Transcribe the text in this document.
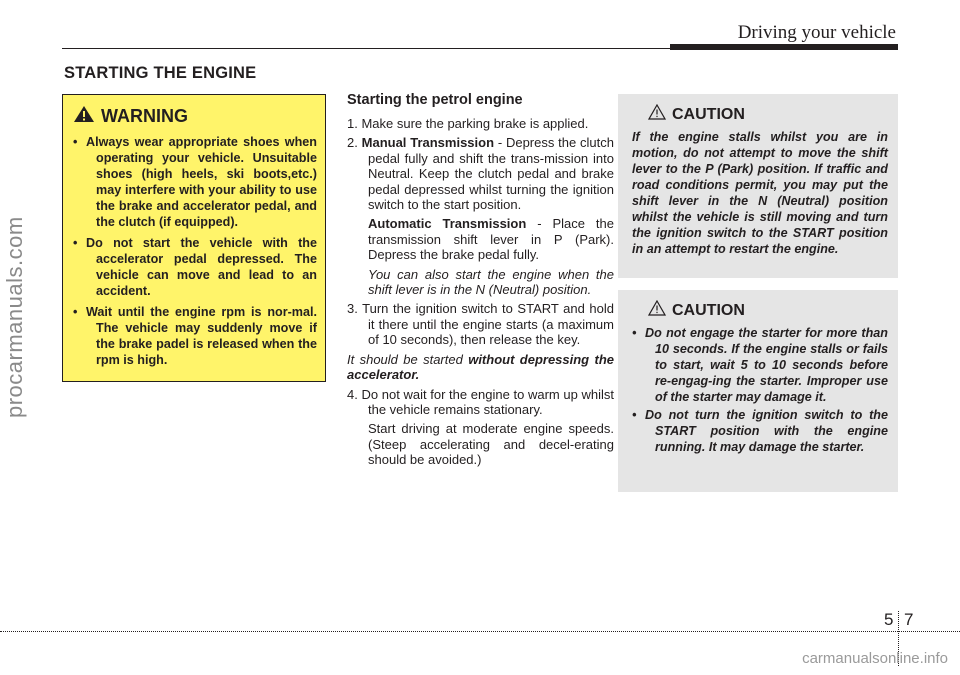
Driving your vehicle
STARTING THE ENGINE
procarmanuals.com
WARNING
• Always wear appropriate shoes when operating your vehicle. Unsuitable shoes (high heels, ski boots,etc.) may interfere with your ability to use the brake and accelerator pedal, and the clutch (if equipped).
• Do not start the vehicle with the accelerator pedal depressed. The vehicle can move and lead to an accident.
• Wait until the engine rpm is nor-mal. The vehicle may suddenly move if the brake padel is released when the rpm is high.
Starting the petrol engine

1. Make sure the parking brake is applied.

2. Manual Transmission - Depress the clutch pedal fully and shift the trans-mission into Neutral. Keep the clutch pedal and brake pedal depressed whilst turning the ignition switch to the start position.

Automatic Transmission - Place the transmission shift lever in P (Park). Depress the brake pedal fully.

You can also start the engine when the shift lever is in the N (Neutral) position.

3. Turn the ignition switch to START and hold it there until the engine starts (a maximum of 10 seconds), then release the key.

It should be started without depressing the accelerator.

4. Do not wait for the engine to warm up whilst the vehicle remains stationary.

Start driving at moderate engine speeds. (Steep accelerating and decel-erating should be avoided.)

CAUTION

If the engine stalls whilst you are in motion, do not attempt to move the shift lever to the P (Park) position. If traffic and road conditions permit, you may put the shift lever in the N (Neutral) position whilst the vehicle is still moving and turn the ignition switch to the START position in an attempt to restart the engine.

CAUTION
• Do not engage the starter for more than 10 seconds. If the engine stalls or fails to start, wait 5 to 10 seconds before re-engag-ing the starter. Improper use of the starter may damage it.
• Do not turn the ignition switch to the START position with the engine running. It may damage the starter.
5 7
carmanualsonline.info
